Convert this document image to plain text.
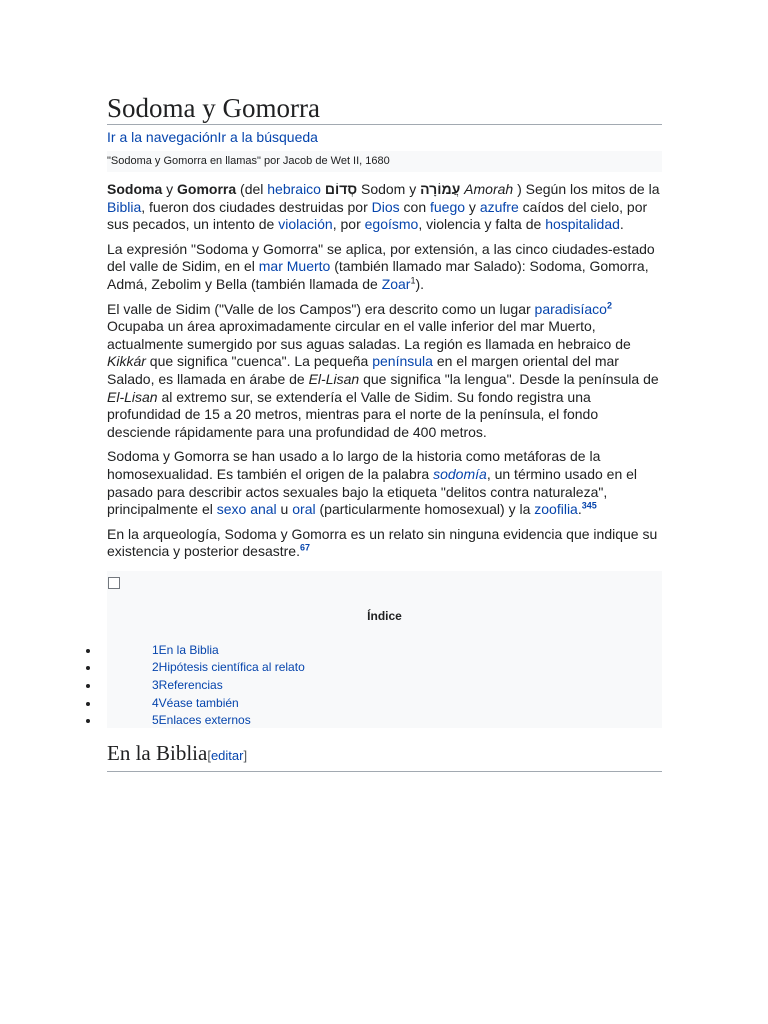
Sodoma y Gomorra
Ir a la navegaciónIr a la búsqueda
"Sodoma y Gomorra en llamas" por Jacob de Wet II, 1680

Sodoma y Gomorra (del hebraico סְדוֹם Sodom y עֲמוֹרָה Amorah ) Según los mitos de la Biblia, fueron dos ciudades destruidas por Dios con fuego y azufre caídos del cielo, por sus pecados, un intento de violación, por egoísmo, violencia y falta de hospitalidad.

La expresión "Sodoma y Gomorra" se aplica, por extensión, a las cinco ciudades-estado del valle de Sidim, en el mar Muerto (también llamado mar Salado): Sodoma, Gomorra, Admá, Zebolim y Bella (también llamada de Zoar$^1$).

El valle de Sidim ("Valle de los Campos") era descrito como un lugar paradisíaco$^2$ Ocupaba un área aproximadamente circular en el valle inferior del mar Muerto, actualmente sumergido por sus aguas saladas. La región es llamada en hebraico de Kikkár que significa "cuenca". La pequeña península en el margen oriental del mar Salado, es llamada en árabe de El-Lisan que significa "la lengua". Desde la península de El-Lisan al extremo sur, se extendería el Valle de Sidim. Su fondo registra una profundidad de 15 a 20 metros, mientras para el norte de la península, el fondo desciende rápidamente para una profundidad de 400 metros.

Sodoma y Gomorra se han usado a lo largo de la historia como metáforas de la homosexualidad. Es también el origen de la palabra sodomía, un término usado en el pasado para describir actos sexuales bajo la etiqueta "delitos contra naturaleza", principalmente el sexo anal u oral (particularmente homosexual) y la zoofilia.$^{345}$

En la arqueología, Sodoma y Gomorra es un relato sin ninguna evidencia que indique su existencia y posterior desastre.$^{67}$

Índice
1En la Biblia
2Hipótesis científica al relato
3Referencias
4Véase también
5Enlaces externos
En la Biblia[editar]
